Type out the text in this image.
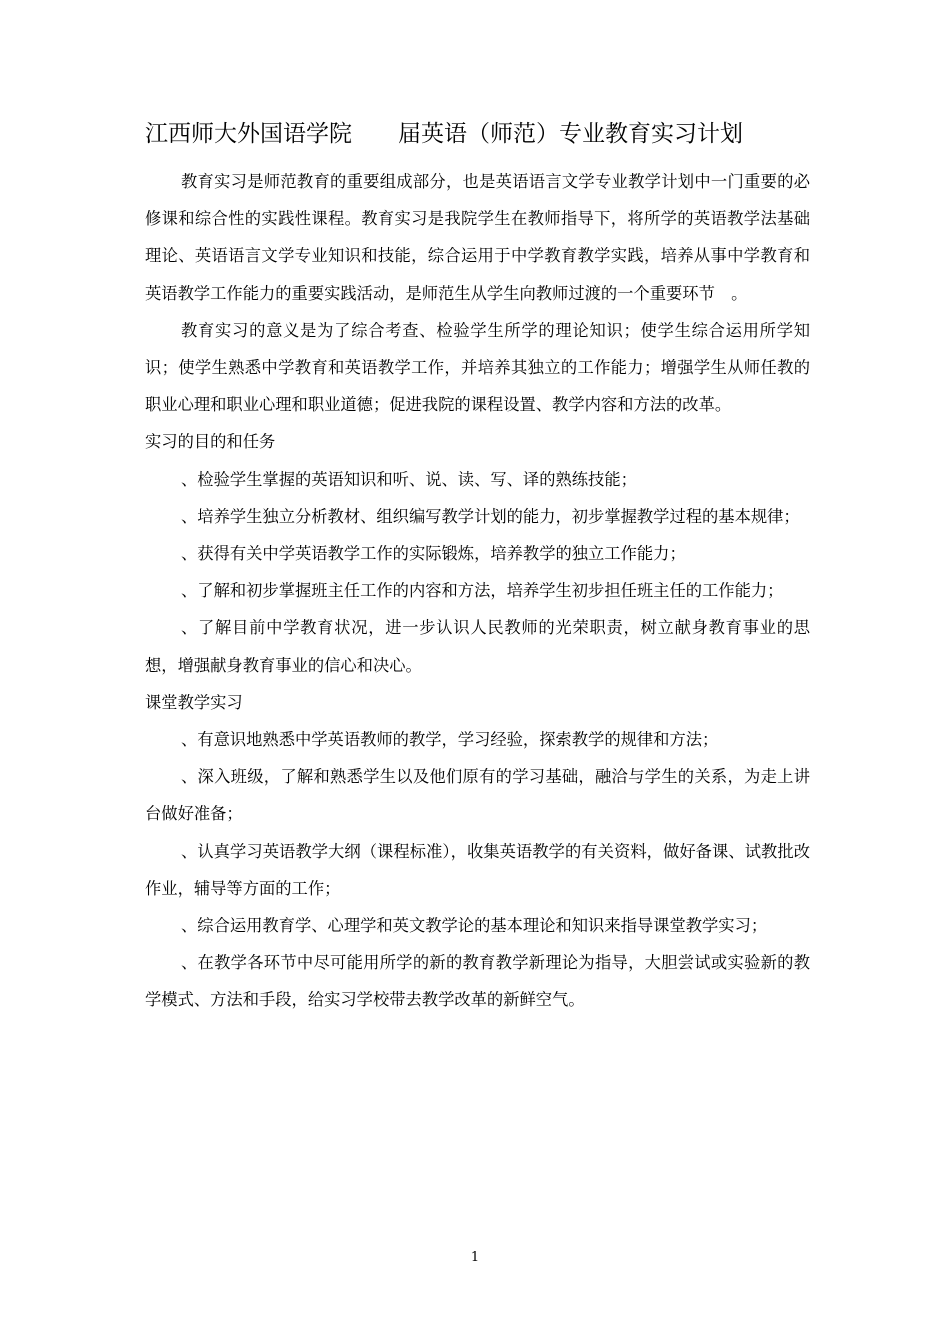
江西师大外国语学院 届英语（师范）专业教育实习计划

教育实习是师范教育的重要组成部分，也是英语语言文学专业教学计划中一门重要的必修课和综合性的实践性课程。教育实习是我院学生在教师指导下，将所学的英语教学法基础理论、英语语言文学专业知识和技能，综合运用于中学教育教学实践，培养从事中学教育和英语教学工作能力的重要实践活动，是师范生从学生向教师过渡的一个重要环节　。

教育实习的意义是为了综合考查、检验学生所学的理论知识；使学生综合运用所学知识；使学生熟悉中学教育和英语教学工作，并培养其独立的工作能力；增强学生从师任教的职业心理和职业心理和职业道德；促进我院的课程设置、教学内容和方法的改革。

实习的目的和任务

、检验学生掌握的英语知识和听、说、读、写、译的熟练技能；

、培养学生独立分析教材、组织编写教学计划的能力，初步掌握教学过程的基本规律；

、获得有关中学英语教学工作的实际锻炼，培养教学的独立工作能力；

、了解和初步掌握班主任工作的内容和方法，培养学生初步担任班主任的工作能力；

、了解目前中学教育状况，进一步认识人民教师的光荣职责，树立献身教育事业的思想，增强献身教育事业的信心和决心。

课堂教学实习

、有意识地熟悉中学英语教师的教学，学习经验，探索教学的规律和方法；

、深入班级，了解和熟悉学生以及他们原有的学习基础，融洽与学生的关系，为走上讲台做好准备；

、认真学习英语教学大纲（课程标准），收集英语教学的有关资料，做好备课、试教批改作业，辅导等方面的工作；

、综合运用教育学、心理学和英文教学论的基本理论和知识来指导课堂教学实习；

、在教学各环节中尽可能用所学的新的教育教学新理论为指导，大胆尝试或实验新的教学模式、方法和手段，给实习学校带去教学改革的新鲜空气。

1
